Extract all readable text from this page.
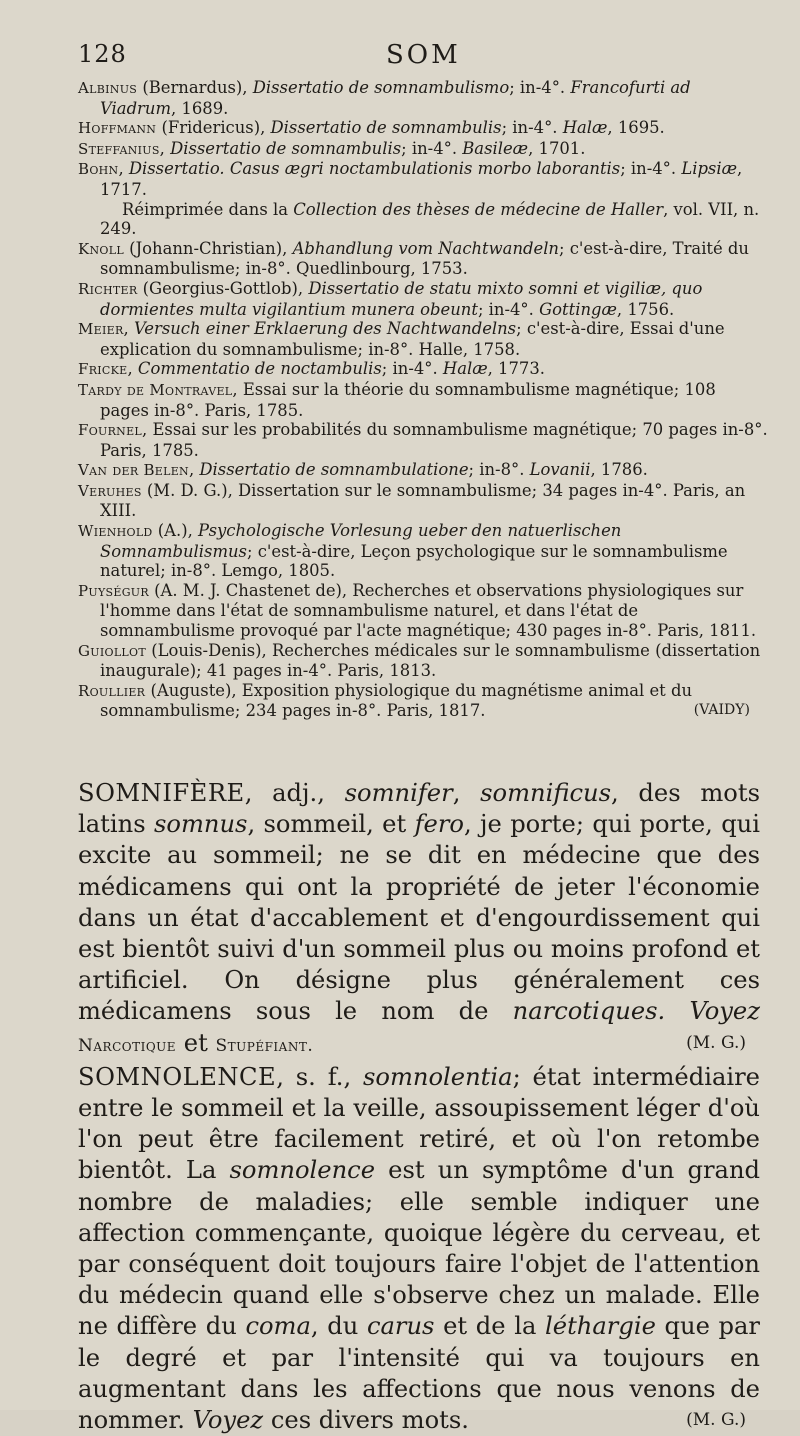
128	SOM

Albinus (Bernardus), Dissertatio de somnambulismo; in-4°. Francofurti ad Viadrum, 1689.

Hoffmann (Fridericus), Dissertatio de somnambulis; in-4°. Halæ, 1695.

Steffanius, Dissertatio de somnambulis; in-4°. Basileæ, 1701.

Bohn, Dissertatio. Casus ægri noctambulationis morbo laborantis; in-4°. Lipsiæ, 1717.

Réimprimée dans la Collection des thèses de médecine de Haller, vol. VII, n. 249.

Knoll (Johann-Christian), Abhandlung vom Nachtwandeln; c'est-à-dire, Traité du somnambulisme; in-8°. Quedlinbourg, 1753.

Richter (Georgius-Gottlob), Dissertatio de statu mixto somni et vigiliæ, quo dormientes multa vigilantium munera obeunt; in-4°. Gottingæ, 1756.

Meier, Versuch einer Erklaerung des Nachtwandelns; c'est-à-dire, Essai d'une explication du somnambulisme; in-8°. Halle, 1758.

Fricke, Commentatio de noctambulis; in-4°. Halæ, 1773.

Tardy de Montravel, Essai sur la théorie du somnambulisme magnétique; 108 pages in-8°. Paris, 1785.

Fournel, Essai sur les probabilités du somnambulisme magnétique; 70 pages in-8°. Paris, 1785.

Van der Belen, Dissertatio de somnambulatione; in-8°. Lovanii, 1786.

Veruhes (M. D. G.), Dissertation sur le somnambulisme; 34 pages in-4°. Paris, an XIII.

Wienhold (A.), Psychologische Vorlesung ueber den natuerlischen Somnambulismus; c'est-à-dire, Leçon psychologique sur le somnambulisme naturel; in-8°. Lemgo, 1805.

Puységur (A. M. J. Chastenet de), Recherches et observations physiologiques sur l'homme dans l'état de somnambulisme naturel, et dans l'état de somnambulisme provoqué par l'acte magnétique; 430 pages in-8°. Paris, 1811.

Guiollot (Louis-Denis), Recherches médicales sur le somnambulisme (dissertation inaugurale); 41 pages in-4°. Paris, 1813.

Roullier (Auguste), Exposition physiologique du magnétisme animal et du somnambulisme; 234 pages in-8°. Paris, 1817.	(VAIDY)

SOMNIFÈRE, adj., somnifer, somnificus, des mots latins somnus, sommeil, et fero, je porte; qui porte, qui excite au sommeil; ne se dit en médecine que des médicamens qui ont la propriété de jeter l'économie dans un état d'accablement et d'engourdissement qui est bientôt suivi d'un sommeil plus ou moins profond et artificiel. On désigne plus généralement ces médicamens sous le nom de narcotiques. Voyez Narcotique et Stupéfiant.	(M. G.)

SOMNOLENCE, s. f., somnolentia; état intermédiaire entre le sommeil et la veille, assoupissement léger d'où l'on peut être facilement retiré, et où l'on retombe bientôt. La somnolence est un symptôme d'un grand nombre de maladies; elle semble indiquer une affection commençante, quoique légère du cerveau, et par conséquent doit toujours faire l'objet de l'attention du médecin quand elle s'observe chez un malade. Elle ne diffère du coma, du carus et de la léthargie que par le degré et par l'intensité qui va toujours en augmentant dans les affections que nous venons de nommer. Voyez ces divers mots.	(M. G.)
